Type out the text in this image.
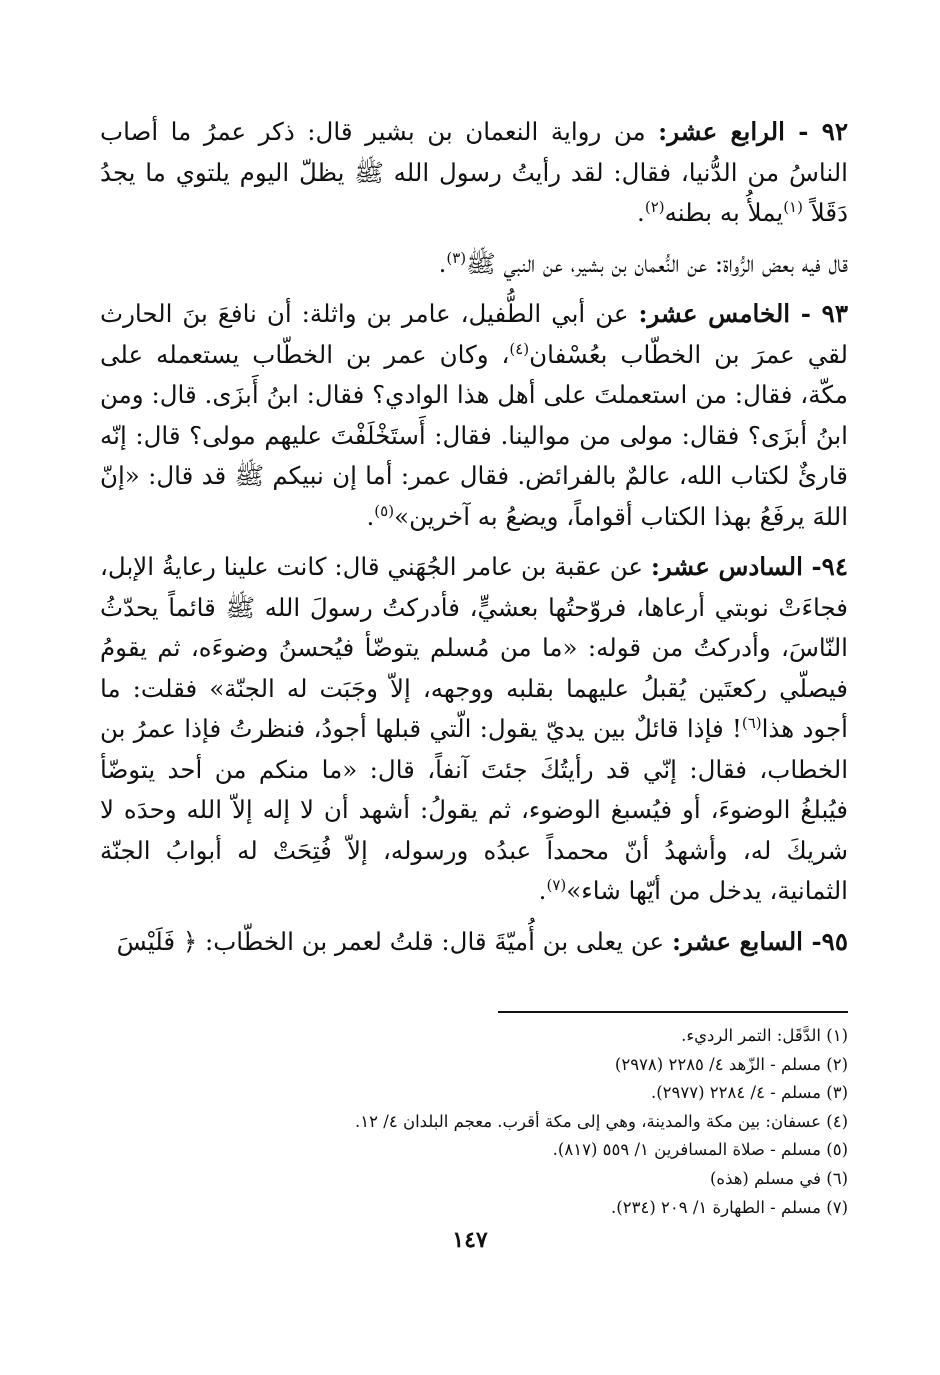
٩٢ - الرابع عشر: من رواية النعمان بن بشير قال: ذكر عمرُ ما أصاب الناسُ من الدُّنيا، فقال: لقد رأيتُ رسول الله ﷺ يظلّ اليوم يلتوي ما يجدُ دَقَلاً $^{(١)}$يملأُ به بطنه$^{(٢)}$.

قال فيه بعض الرُّواة: عن النُّعمان بن بشير، عن النبي ﷺ$^{(٣)}$.

٩٣ - الخامس عشر: عن أبي الطُّفيل، عامر بن واثلة: أن نافعَ بنَ الحارث لقي عمرَ بن الخطّاب بعُسْفان$^{(٤)}$، وكان عمر بن الخطّاب يستعمله على مكّة، فقال: من استعملتَ على أهل هذا الوادي؟ فقال: ابنُ أَبزَى. قال: ومن ابنُ أبزَى؟ فقال: مولى من موالينا. فقال: أَستَخْلَفْتَ عليهم مولى؟ قال: إنّه قارئٌ لكتاب الله، عالمٌ بالفرائض. فقال عمر: أما إن نبيكم ﷺ قد قال: «إنّ اللهَ يرفَعُ بهذا الكتاب أقواماً، ويضعُ به آخرين»$^{(٥)}$.

٩٤- السادس عشر: عن عقبة بن عامر الجُهَني قال: كانت علينا رعايةُ الإبل، فجاءَتْ نوبتي أرعاها، فروّحتُها بعشيٍّ، فأدركتُ رسولَ الله ﷺ قائماً يحدّثُ النّاسَ، وأدركتُ من قوله: «ما من مُسلم يتوضّأ فيُحسنُ وضوءَه، ثم يقومُ فيصلّي ركعتَين يُقبلُ عليهما بقلبه ووجهه، إلاّ وجَبَت له الجنّة» فقلت: ما أجود هذا$^{(٦)}$! فإذا قائلٌ بين يديّ يقول: الّتي قبلها أجودُ، فنظرتُ فإذا عمرُ بن الخطاب، فقال: إنّي قد رأيتُكَ جئتَ آنفاً، قال: «ما منكم من أحد يتوضّأ فيُبلغُ الوضوءَ، أو فيُسبغ الوضوء، ثم يقولُ: أشهد أن لا إله إلاّ الله وحدَه لا شريكَ له، وأشهدُ أنّ محمداً عبدُه ورسوله، إلاّ فُتِحَتْ له أبوابُ الجنّة الثمانية، يدخل من أيّها شاء»$^{(٧)}$.

٩٥- السابع عشر: عن يعلى بن أُميّةَ قال: قلتُ لعمر بن الخطّاب: ﴿ فَلَيْسَ

(١) الدَّقَل: التمر الرديء.
(٢) مسلم - الزّهد ٤/ ٢٢٨٥ (٢٩٧٨)
(٣) مسلم - ٤/ ٢٢٨٤ (٢٩٧٧).
(٤) عسفان: بين مكة والمدينة، وهي إلى مكة أقرب. معجم البلدان ٤/ ١٢.
(٥) مسلم - صلاة المسافرين ١/ ٥٥٩ (٨١٧).
(٦) في مسلم (هذه)
(٧) مسلم - الطهارة ١/ ٢٠٩ (٢٣٤).
١٤٧
